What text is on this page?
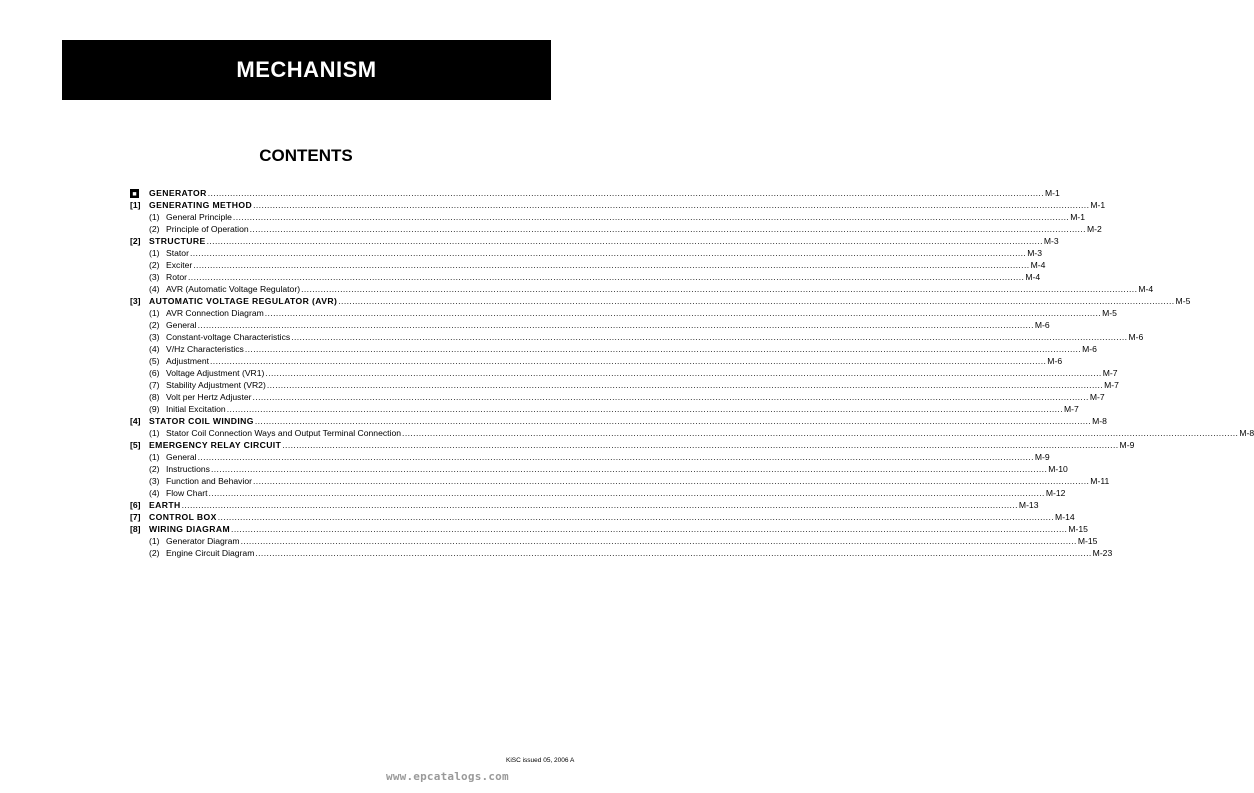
MECHANISM
CONTENTS
■	GENERATOR ............................................................................................................................................................................................................................................................................................................ M-1
[1] GENERATING METHOD ............................................................................................................................................................................................................................................................................................................ M-1
(1) General Principle ............................................................................................................................................................................................................................................................................................................ M-1
(2) Principle of Operation ............................................................................................................................................................................................................................................................................................................ M-2
[2] STRUCTURE ............................................................................................................................................................................................................................................................................................................ M-3
(1) Stator ............................................................................................................................................................................................................................................................................................................ M-3
(2) Exciter ............................................................................................................................................................................................................................................................................................................ M-4
(3) Rotor ............................................................................................................................................................................................................................................................................................................ M-4
(4) AVR (Automatic Voltage Regulator) ............................................................................................................................................................................................................................................................................................................ M-4
[3] AUTOMATIC VOLTAGE REGULATOR (AVR) ............................................................................................................................................................................................................................................................................................................ M-5
(1) AVR Connection Diagram ............................................................................................................................................................................................................................................................................................................ M-5
(2) General ............................................................................................................................................................................................................................................................................................................ M-6
(3) Constant-voltage Characteristics ............................................................................................................................................................................................................................................................................................................ M-6
(4) V/Hz Characteristics ............................................................................................................................................................................................................................................................................................................ M-6
(5) Adjustment ............................................................................................................................................................................................................................................................................................................ M-6
(6) Voltage Adjustment (VR1) ............................................................................................................................................................................................................................................................................................................ M-7
(7) Stability Adjustment (VR2) ............................................................................................................................................................................................................................................................................................................ M-7
(8) Volt per Hertz Adjuster ............................................................................................................................................................................................................................................................................................................ M-7
(9) Initial Excitation ............................................................................................................................................................................................................................................................................................................ M-7
[4] STATOR COIL WINDING ............................................................................................................................................................................................................................................................................................................ M-8
(1) Stator Coil Connection Ways and Output Terminal Connection ............................................................................................................................................................................................................................................................................................................ M-8
[5] EMERGENCY RELAY CIRCUIT ............................................................................................................................................................................................................................................................................................................ M-9
(1) General ............................................................................................................................................................................................................................................................................................................ M-9
(2) Instructions ............................................................................................................................................................................................................................................................................................................ M-10
(3) Function and Behavior ............................................................................................................................................................................................................................................................................................................ M-11
(4) Flow Chart ............................................................................................................................................................................................................................................................................................................ M-12
[6] EARTH ............................................................................................................................................................................................................................................................................................................ M-13
[7] CONTROL BOX ............................................................................................................................................................................................................................................................................................................ M-14
[8] WIRING DIAGRAM ............................................................................................................................................................................................................................................................................................................ M-15
(1) Generator Diagram ............................................................................................................................................................................................................................................................................................................ M-15
(2) Engine Circuit Diagram ............................................................................................................................................................................................................................................................................................................ M-23
KiSC issued 05, 2006 A
www.epcatalogs.com
